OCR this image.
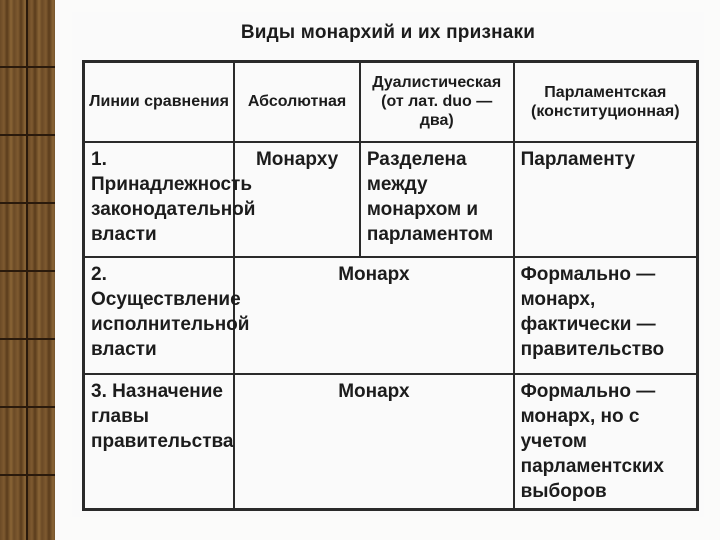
Виды монархий и их признаки
Линии сравнения	Абсолютная	Дуалистическая (от лат. duo — два)	Парламентская (конституционная)
1. Принадлежность законодательной власти	Монарху	Разделена между монархом и парламентом	Парламенту
2. Осуществление исполнительной власти	Монарх		Формально — монарх, фактически — правительство
3. Назначение главы правительства	Монарх		Формально — монарх, но с учетом парламентских выборов
